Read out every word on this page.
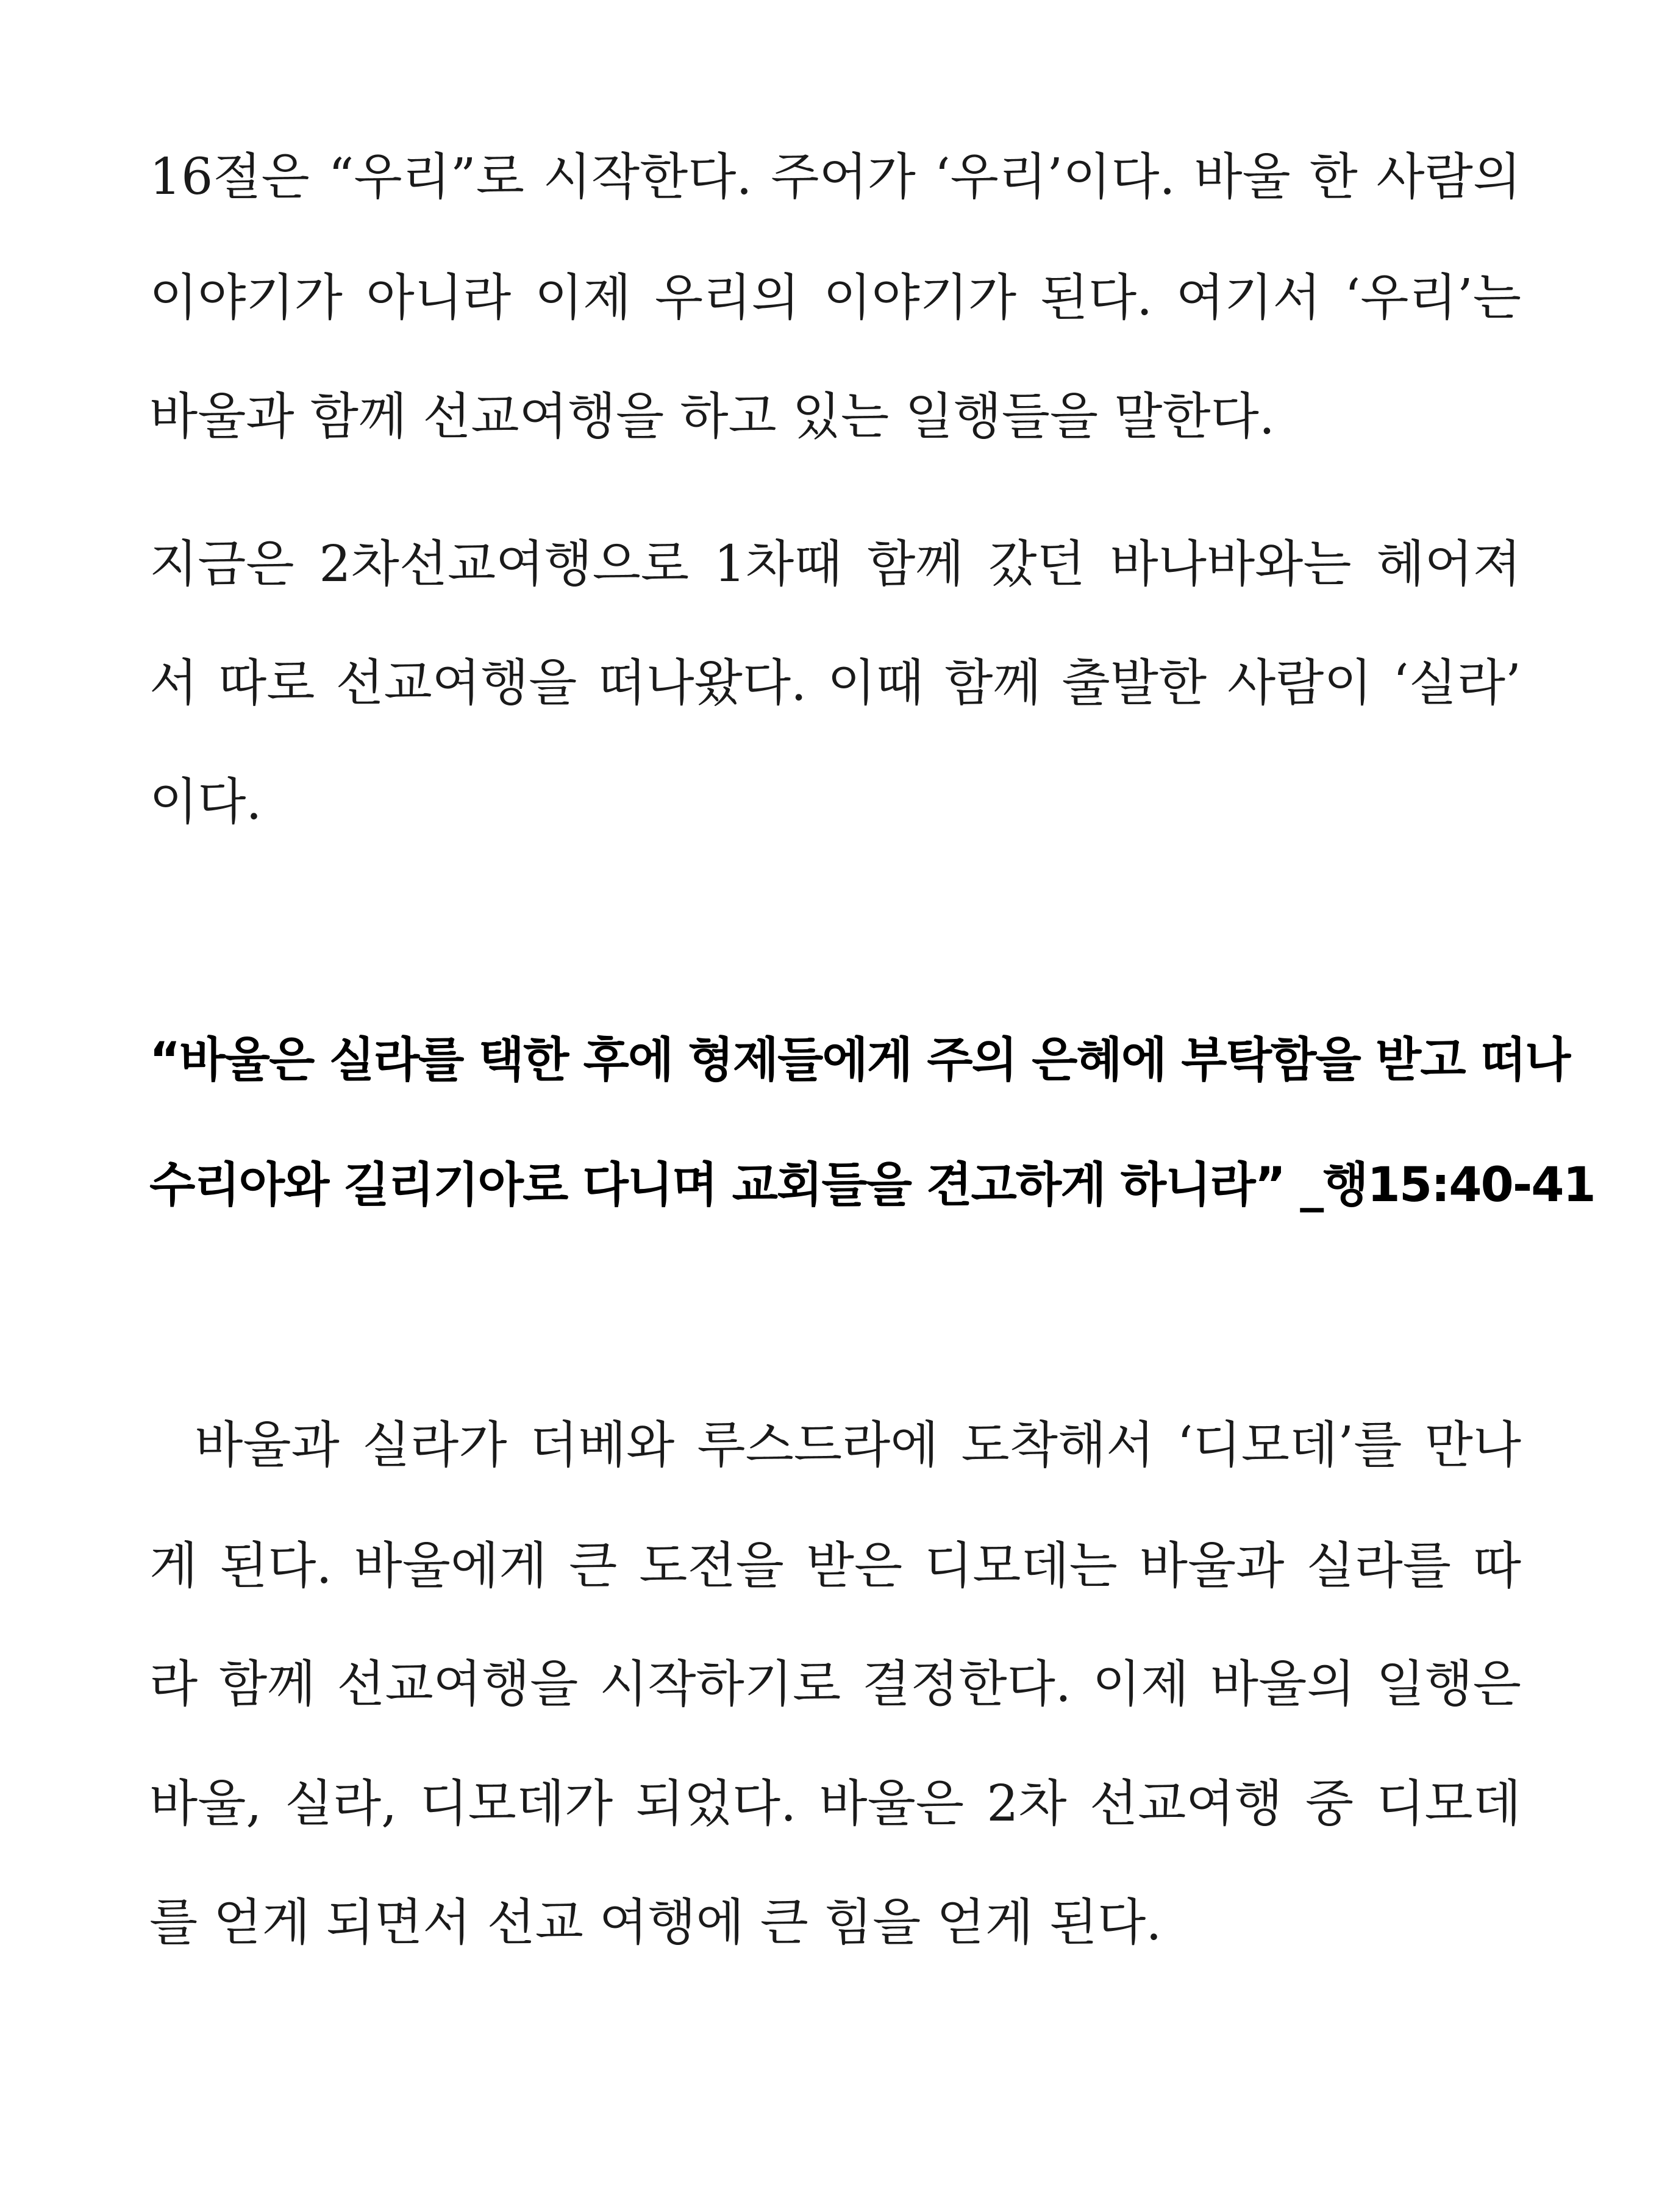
16절은 “우리”로 시작한다. 주어가 ‘우리’이다. 바울 한 사람의
이야기가 아니라 이제 우리의 이야기가 된다. 여기서 ‘우리’는
바울과 함께 선교여행을 하고 있는 일행들을 말한다.
지금은 2차선교여행으로 1차때 함께 갔던 바나바와는 헤어져
서 따로 선교여행을 떠나왔다. 이때 함께 출발한 사람이 ‘실라’
이다.
“바울은 실라를 택한 후에 형제들에게 주의 은혜에 부탁함을 받고 떠나
수리아와 길리기아로 다니며 교회들을 견고하게 하니라” _행15:40-41
바울과 실라가 더베와 루스드라에 도착해서 ‘디모데’를 만나
게 된다. 바울에게 큰 도전을 받은 디모데는 바울과 실라를 따
라 함께 선교여행을 시작하기로 결정한다. 이제 바울의 일행은
바울, 실라, 디모데가 되었다. 바울은 2차 선교여행 중 디모데
를 얻게 되면서 선교 여행에 큰 힘을 얻게 된다.
